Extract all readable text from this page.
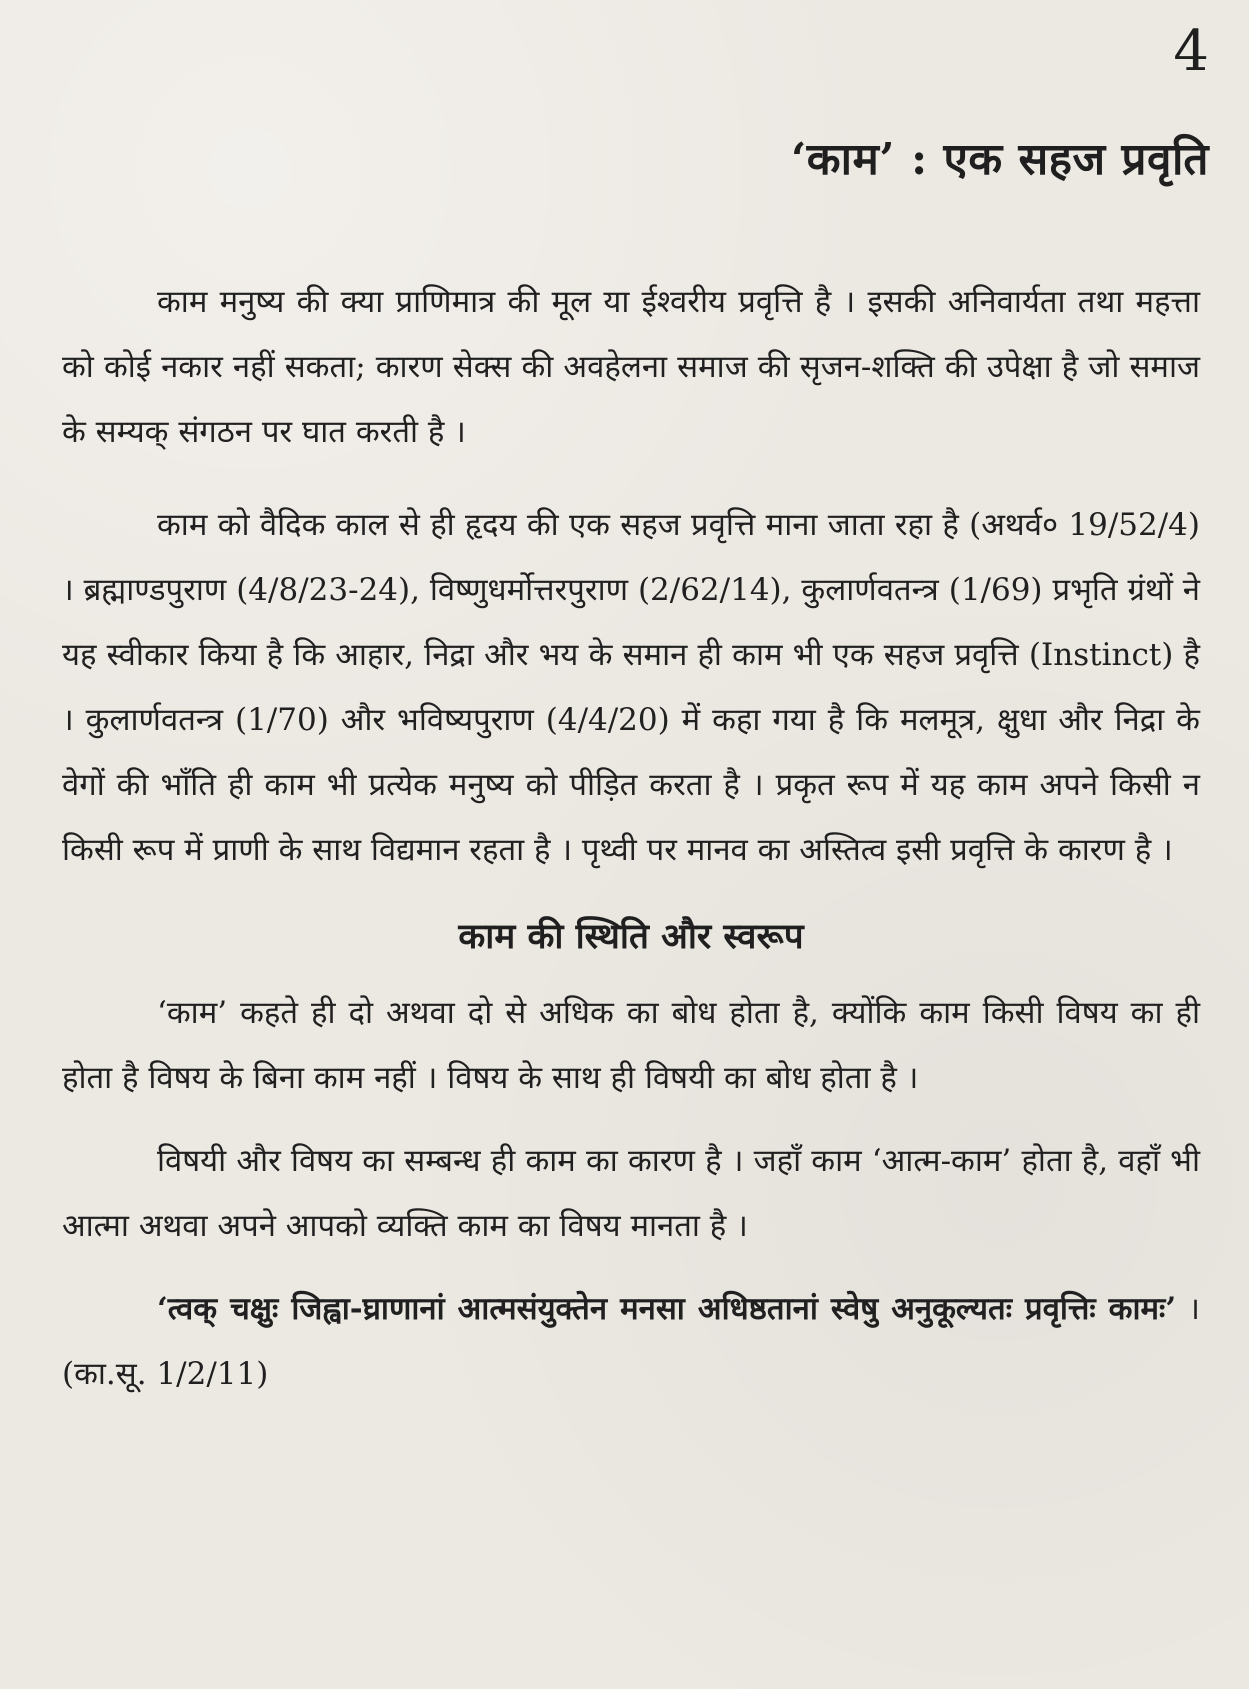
4
‘काम’ : एक सहज प्रवृति

काम मनुष्य की क्या प्राणिमात्र की मूल या ईश्वरीय प्रवृत्ति है । इसकी अनिवार्यता तथा महत्ता को कोई नकार नहीं सकता; कारण सेक्स की अवहेलना समाज की सृजन-शक्ति की उपेक्षा है जो समाज के सम्यक् संगठन पर घात करती है ।

काम को वैदिक काल से ही हृदय की एक सहज प्रवृत्ति माना जाता रहा है (अथर्व० 19/52/4) । ब्रह्माण्डपुराण (4/8/23-24), विष्णुधर्मोत्तरपुराण (2/62/14), कुलार्णवतन्त्र (1/69) प्रभृति ग्रंथों ने यह स्वीकार किया है कि आहार, निद्रा और भय के समान ही काम भी एक सहज प्रवृत्ति (Instinct) है । कुलार्णवतन्त्र (1/70) और भविष्यपुराण (4/4/20) में कहा गया है कि मलमूत्र, क्षुधा और निद्रा के वेगों की भाँति ही काम भी प्रत्येक मनुष्य को पीड़ित करता है । प्रकृत रूप में यह काम अपने किसी न किसी रूप में प्राणी के साथ विद्यमान रहता है । पृथ्वी पर मानव का अस्तित्व इसी प्रवृत्ति के कारण है ।

काम की स्थिति और स्वरूप

‘काम’ कहते ही दो अथवा दो से अधिक का बोध होता है, क्योंकि काम किसी विषय का ही होता है विषय के बिना काम नहीं । विषय के साथ ही विषयी का बोध होता है ।

विषयी और विषय का सम्बन्ध ही काम का कारण है । जहाँ काम ‘आत्म-काम’ होता है, वहाँ भी आत्मा अथवा अपने आपको व्यक्ति काम का विषय मानता है ।

‘त्वक् चक्षुः जिह्वा-घ्राणानां आत्मसंयुक्तेन मनसा अधिष्ठतानां स्वेषु अनुकूल्यतः प्रवृत्तिः कामः’ । (का.सू. 1/2/11)
